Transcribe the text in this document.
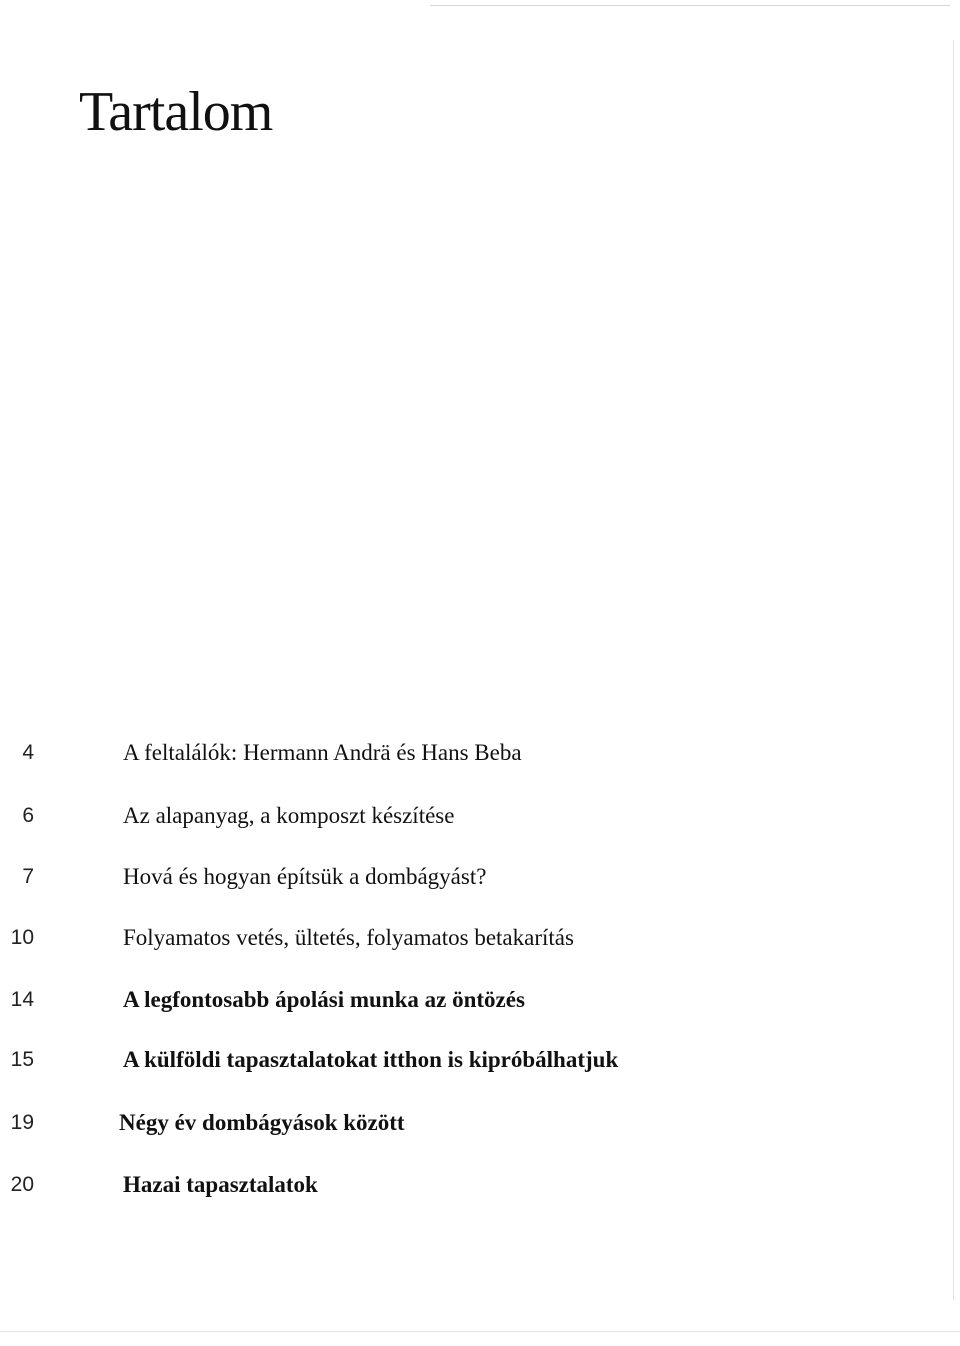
Tartalom
4	A feltalálók: Hermann Andrä és Hans Beba
6	Az alapanyag, a komposzt készítése
7	Hová és hogyan építsük a dombágyást?
10	Folyamatos vetés, ültetés, folyamatos betakarítás
14	A legfontosabb ápolási munka az öntözés
15	A külföldi tapasztalatokat itthon is kipróbálhatjuk
19	Négy év dombágyások között
20	Hazai tapasztalatok
